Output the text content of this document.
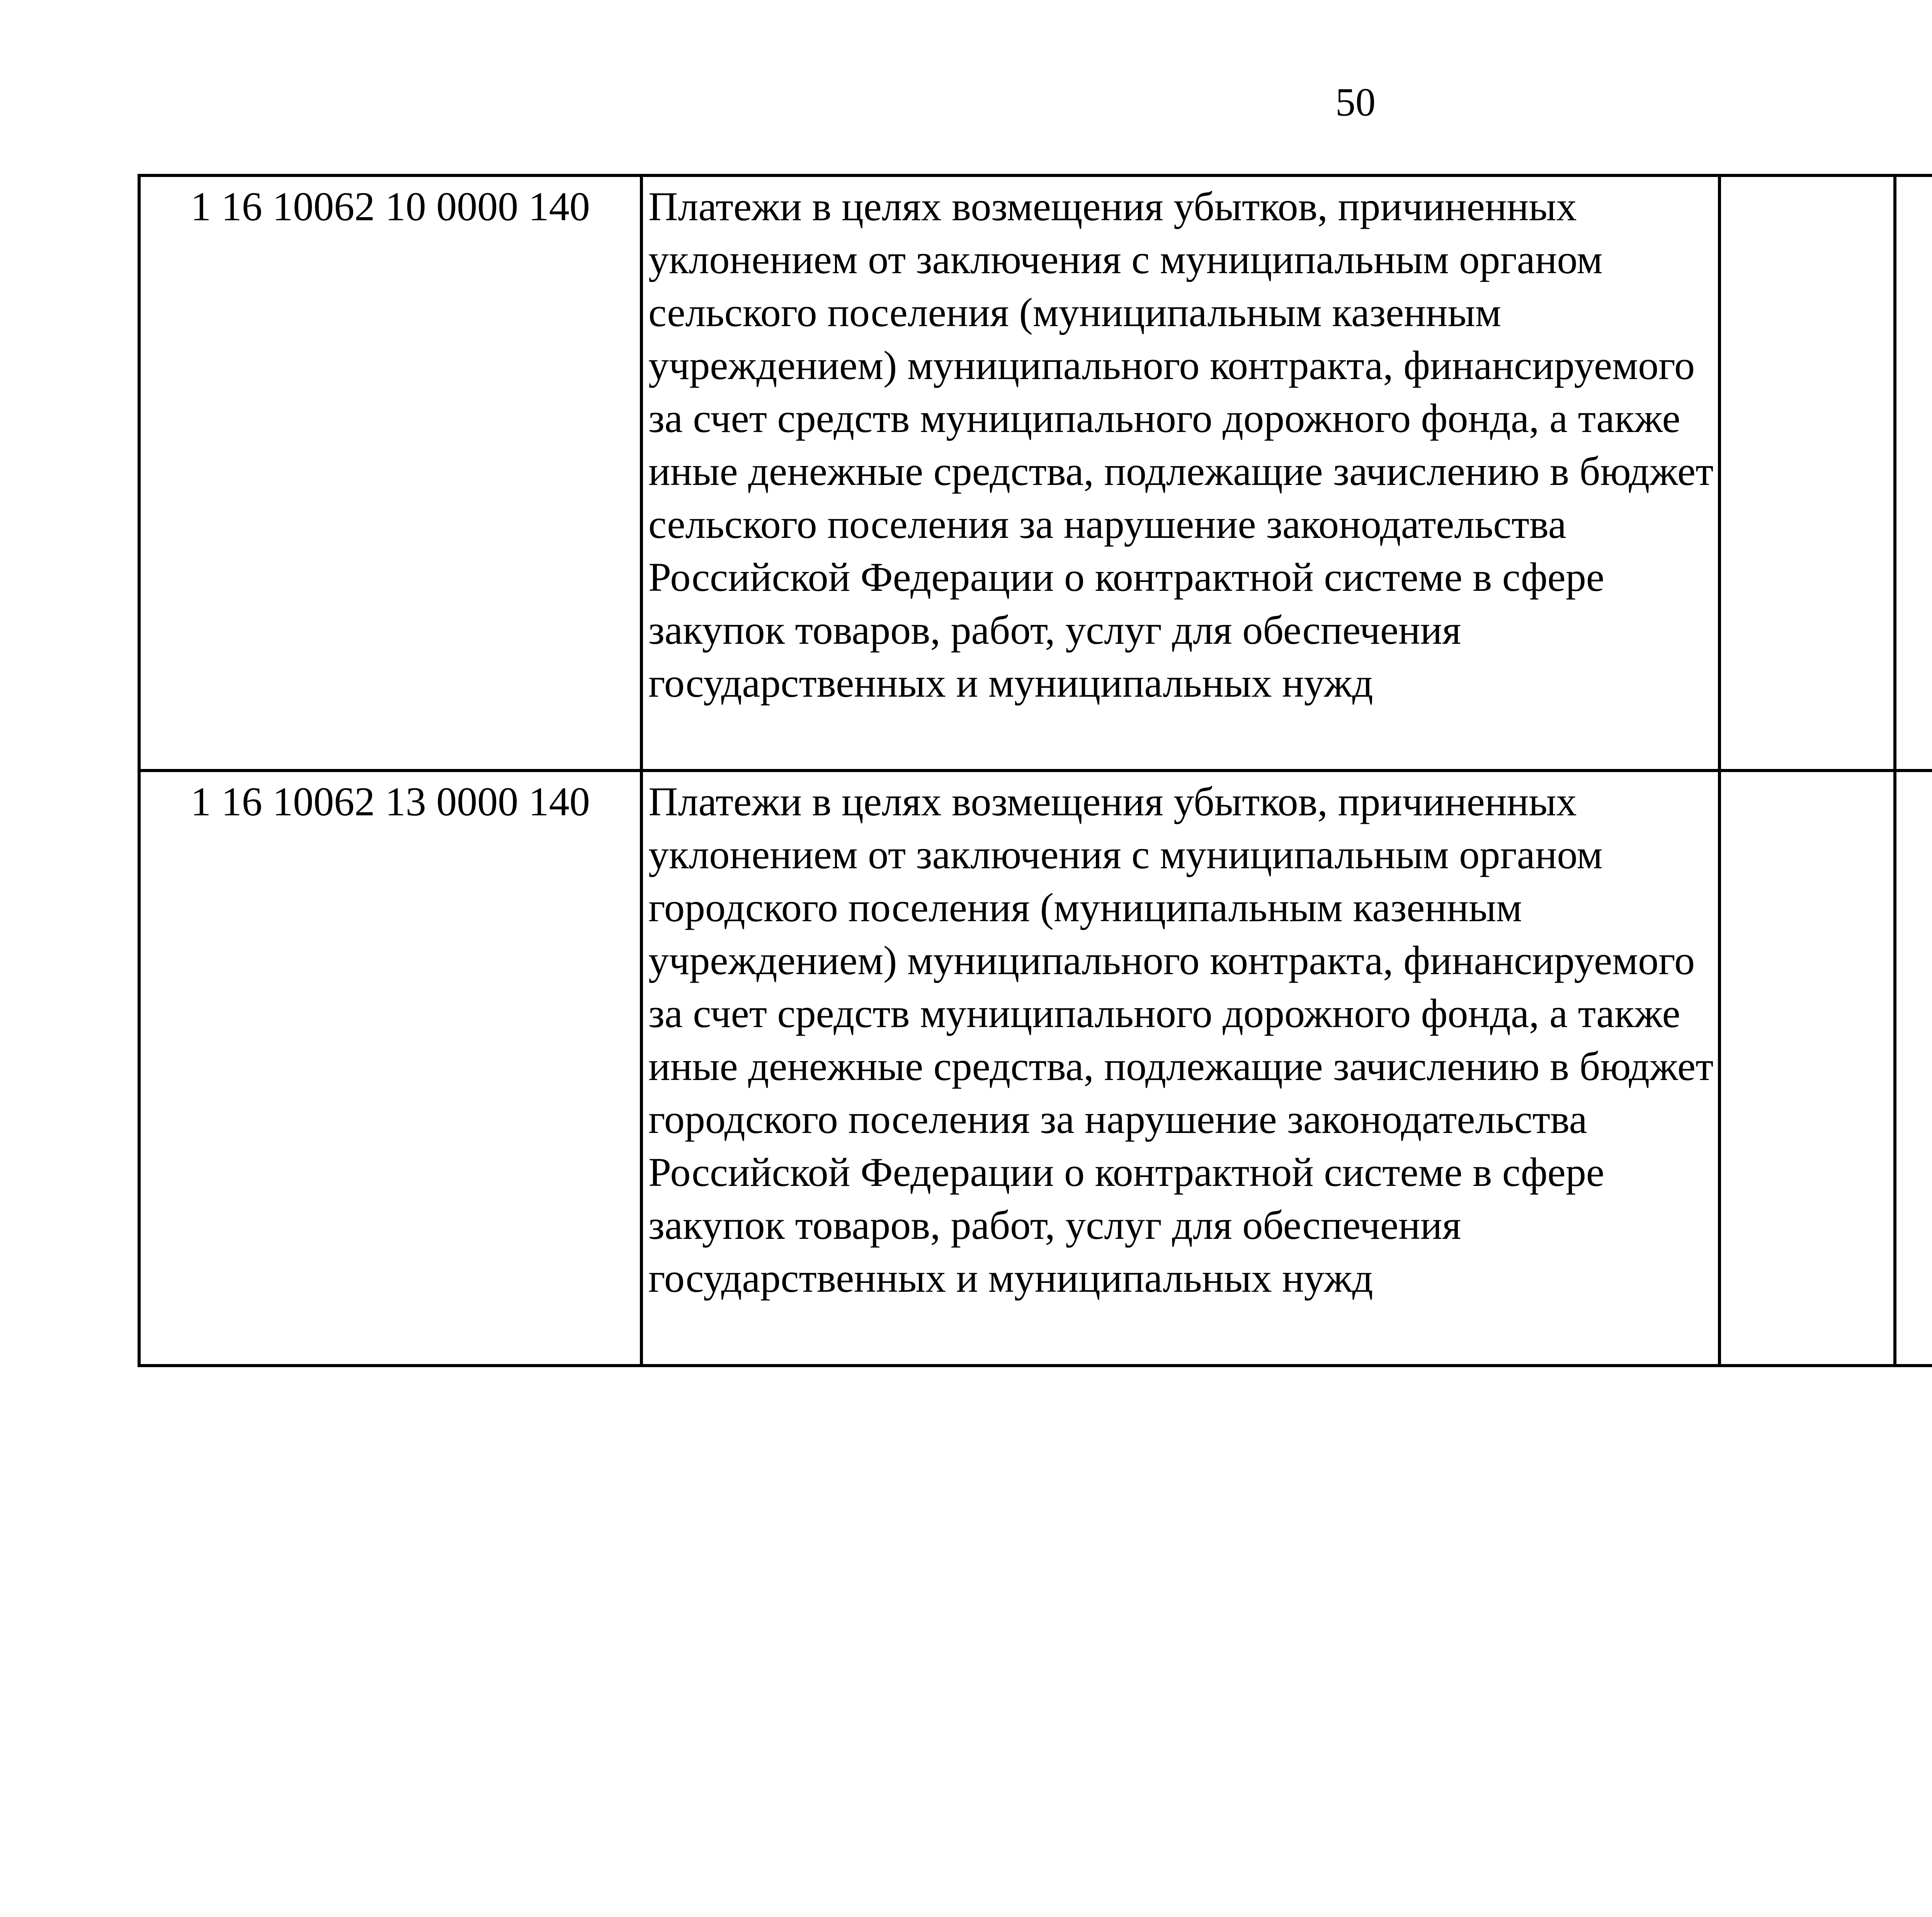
50
1 16 10062 10 0000 140	Платежи в целях возмещения убытков, причиненных уклонением от заключения с муниципальным органом сельского поселения (муниципальным казенным учреждением) муниципального контракта, финансируемого за счет средств муниципального дорожного фонда, а также иные денежные средства, подлежащие зачислению в бюджет сельского поселения за нарушение законодательства Российской Федерации о контрактной системе в сфере закупок товаров, работ, услуг для обеспечения государственных и муниципальных нужд					
1 16 10062 13 0000 140	Платежи в целях возмещения убытков, причиненных уклонением от заключения с муниципальным органом городского поселения (муниципальным казенным учреждением) муниципального контракта, финансируемого за счет средств муниципального дорожного фонда, а также иные денежные средства, подлежащие зачислению в бюджет городского поселения за нарушение законодательства Российской Федерации о контрактной системе в сфере закупок товаров, работ, услуг для обеспечения государственных и муниципальных нужд					
